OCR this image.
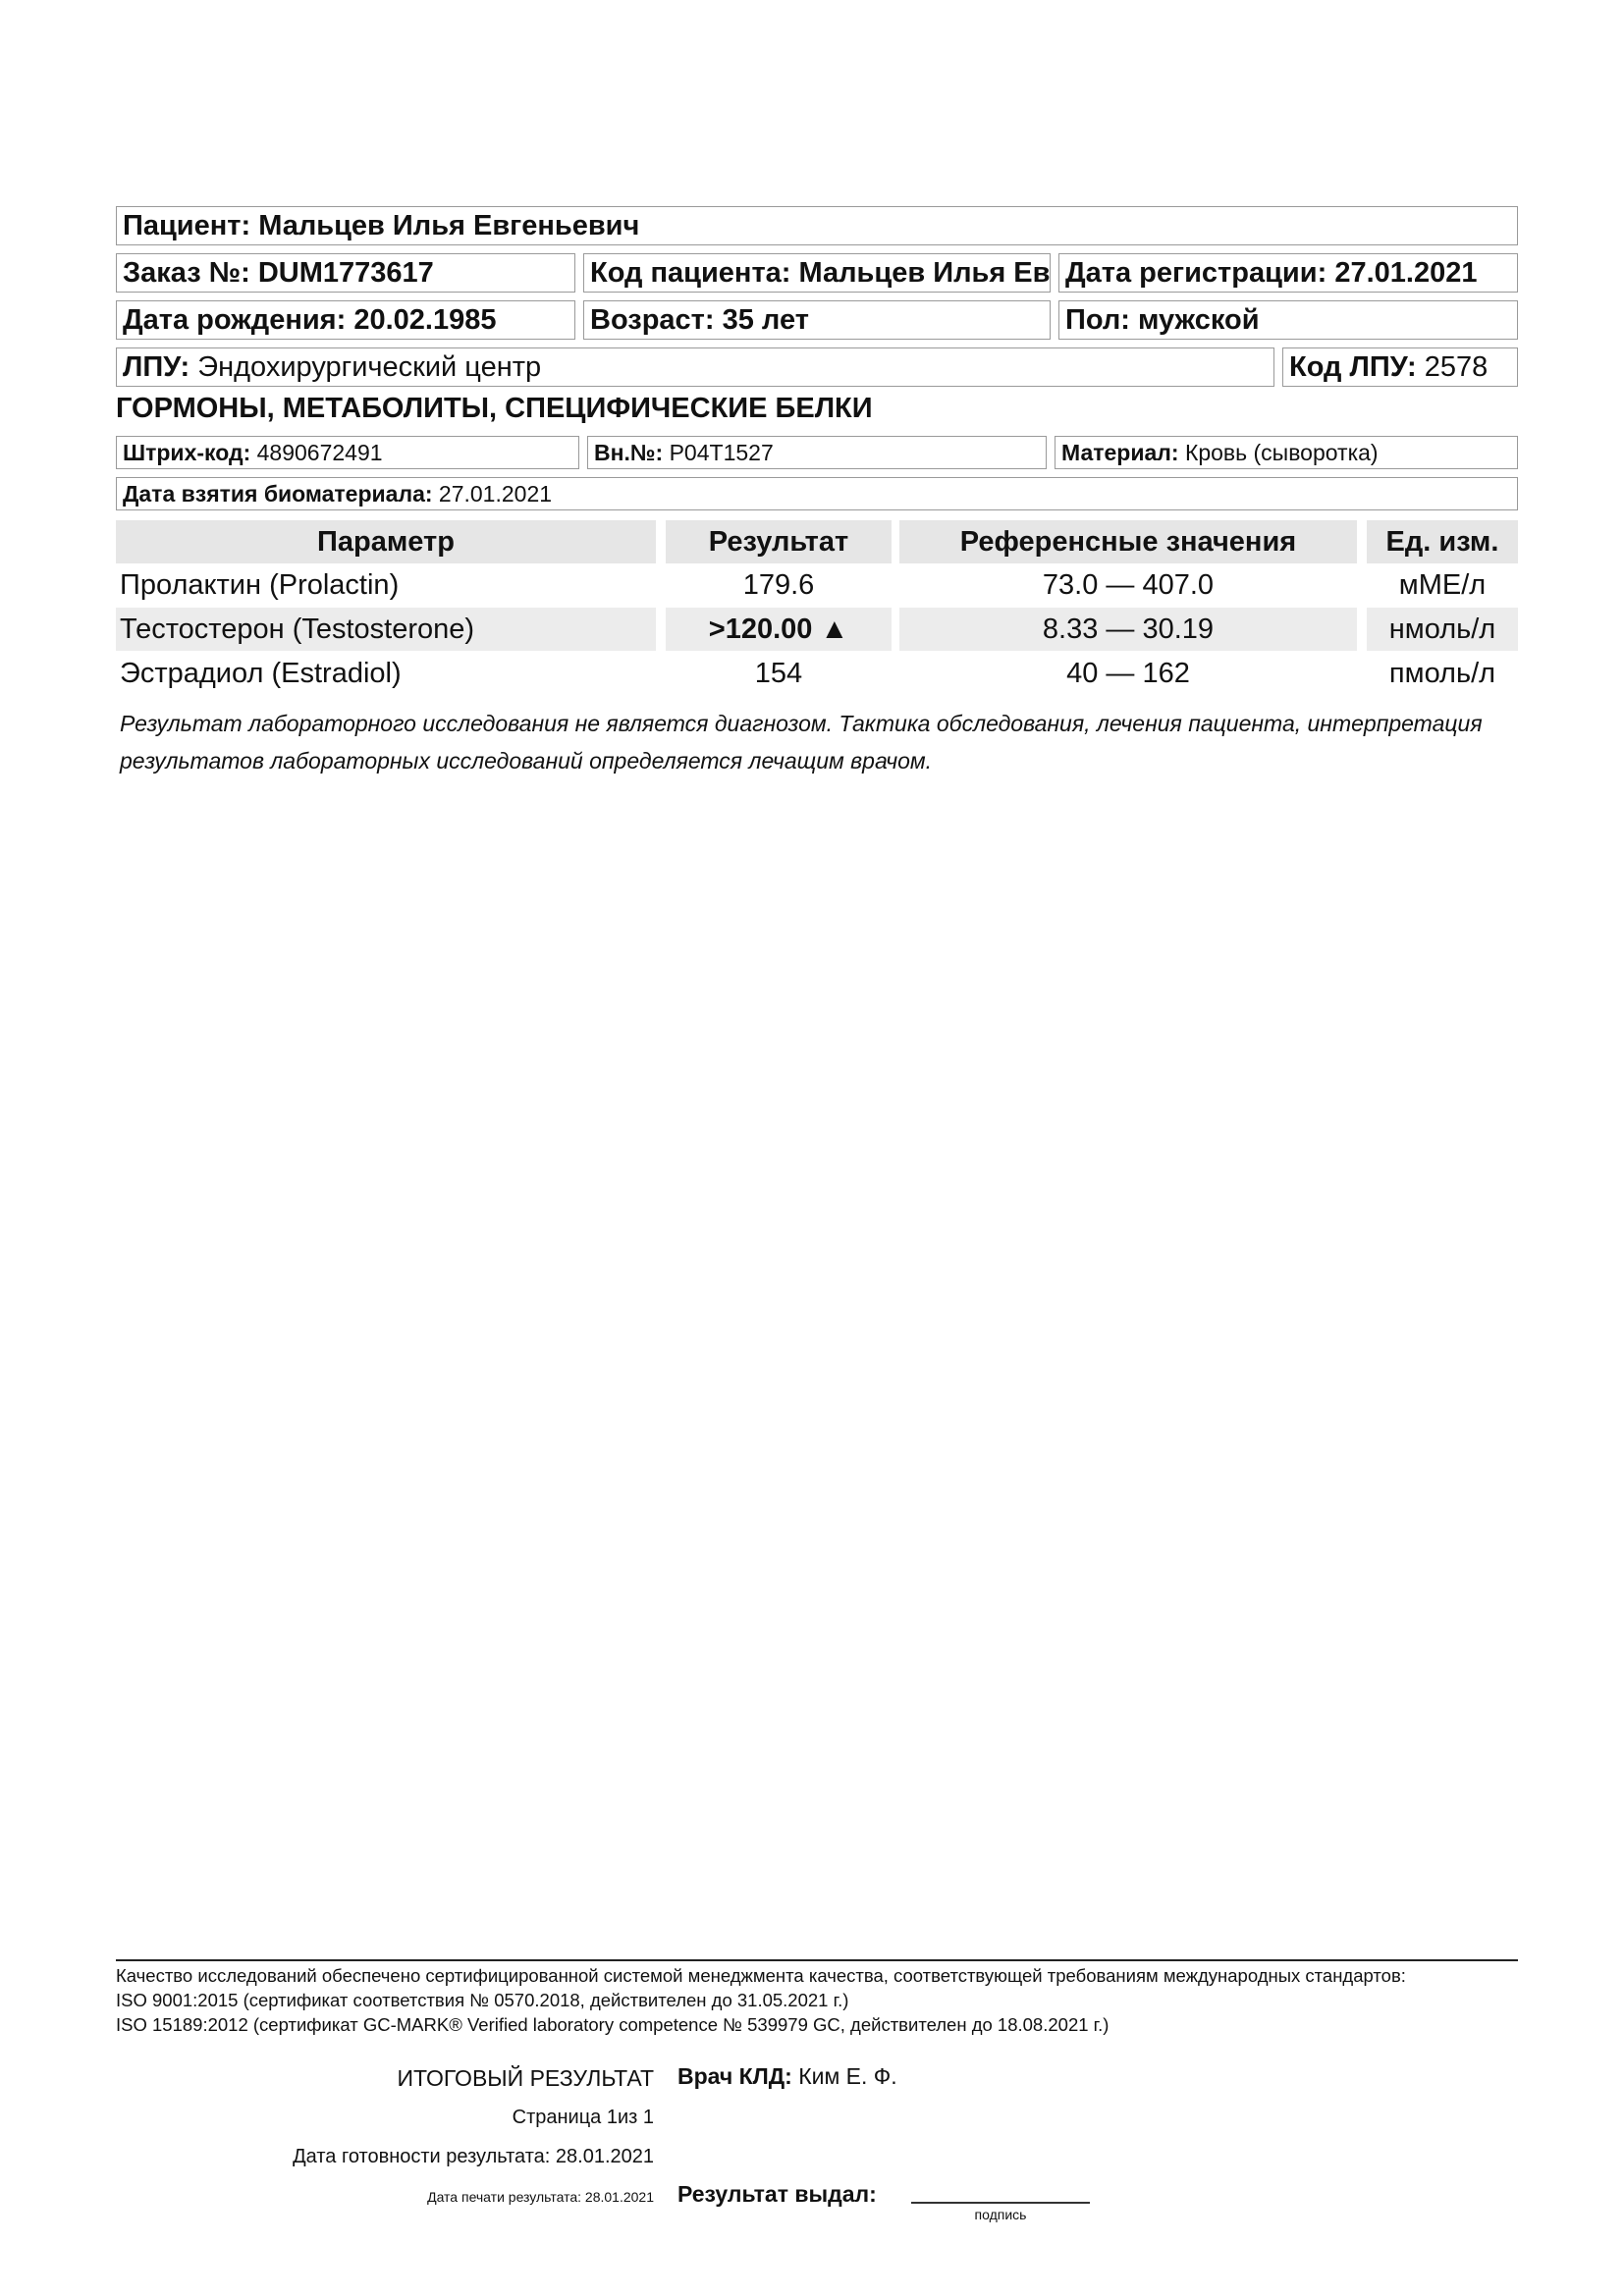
Пациент:
Мальцев Илья Евгеньевич
Заказ №:
DUM1773617	Код пациента:
Мальцев Илья Ев Дата регистрации:
27.01.2021
Дата рождения:
20.02.1985	Возраст:
35 лет	Пол:
мужской
ЛПУ:
Эндохирургический центр	Код ЛПУ:
2578
ГОРМОНЫ, МЕТАБОЛИТЫ, СПЕЦИФИЧЕСКИЕ БЕЛКИ
Штрих-код:
4890672491	Вн.№:
P04T1527	Материал:
Кровь (сыворотка)
Дата взятия биоматериала:
27.01.2021
Параметр	Результат	Референсные значения	Ед. изм.
Пролактин (Prolactin)	179.6	73.0 — 407.0	мМЕ/л
Тестостерон (Testosterone)	>120.00 ▲	8.33 — 30.19	нмоль/л
Эстрадиол (Estradiol)	154	40 — 162	пмоль/л
Результат лабораторного исследования не является диагнозом. Тактика обследования, лечения пациента, интерпретация результатов лабораторных исследований определяется лечащим врачом.
Качество исследований обеспечено сертифицированной системой менеджмента качества, соответствующей требованиям международных стандартов:
ISO 9001:2015 (сертификат соответствия № 0570.2018, действителен до 31.05.2021 г.)
ISO 15189:2012 (сертификат GC-MARK® Verified laboratory competence № 539979 GC, действителен до 18.08.2021 г.)
ИТОГОВЫЙ РЕЗУЛЬТАТ
Страница 1из 1
Дата готовности результата: 28.01.2021
Дата печати результата: 28.01.2021
Врач КЛД: Ким Е. Ф.
Результат выдал:
подпись
